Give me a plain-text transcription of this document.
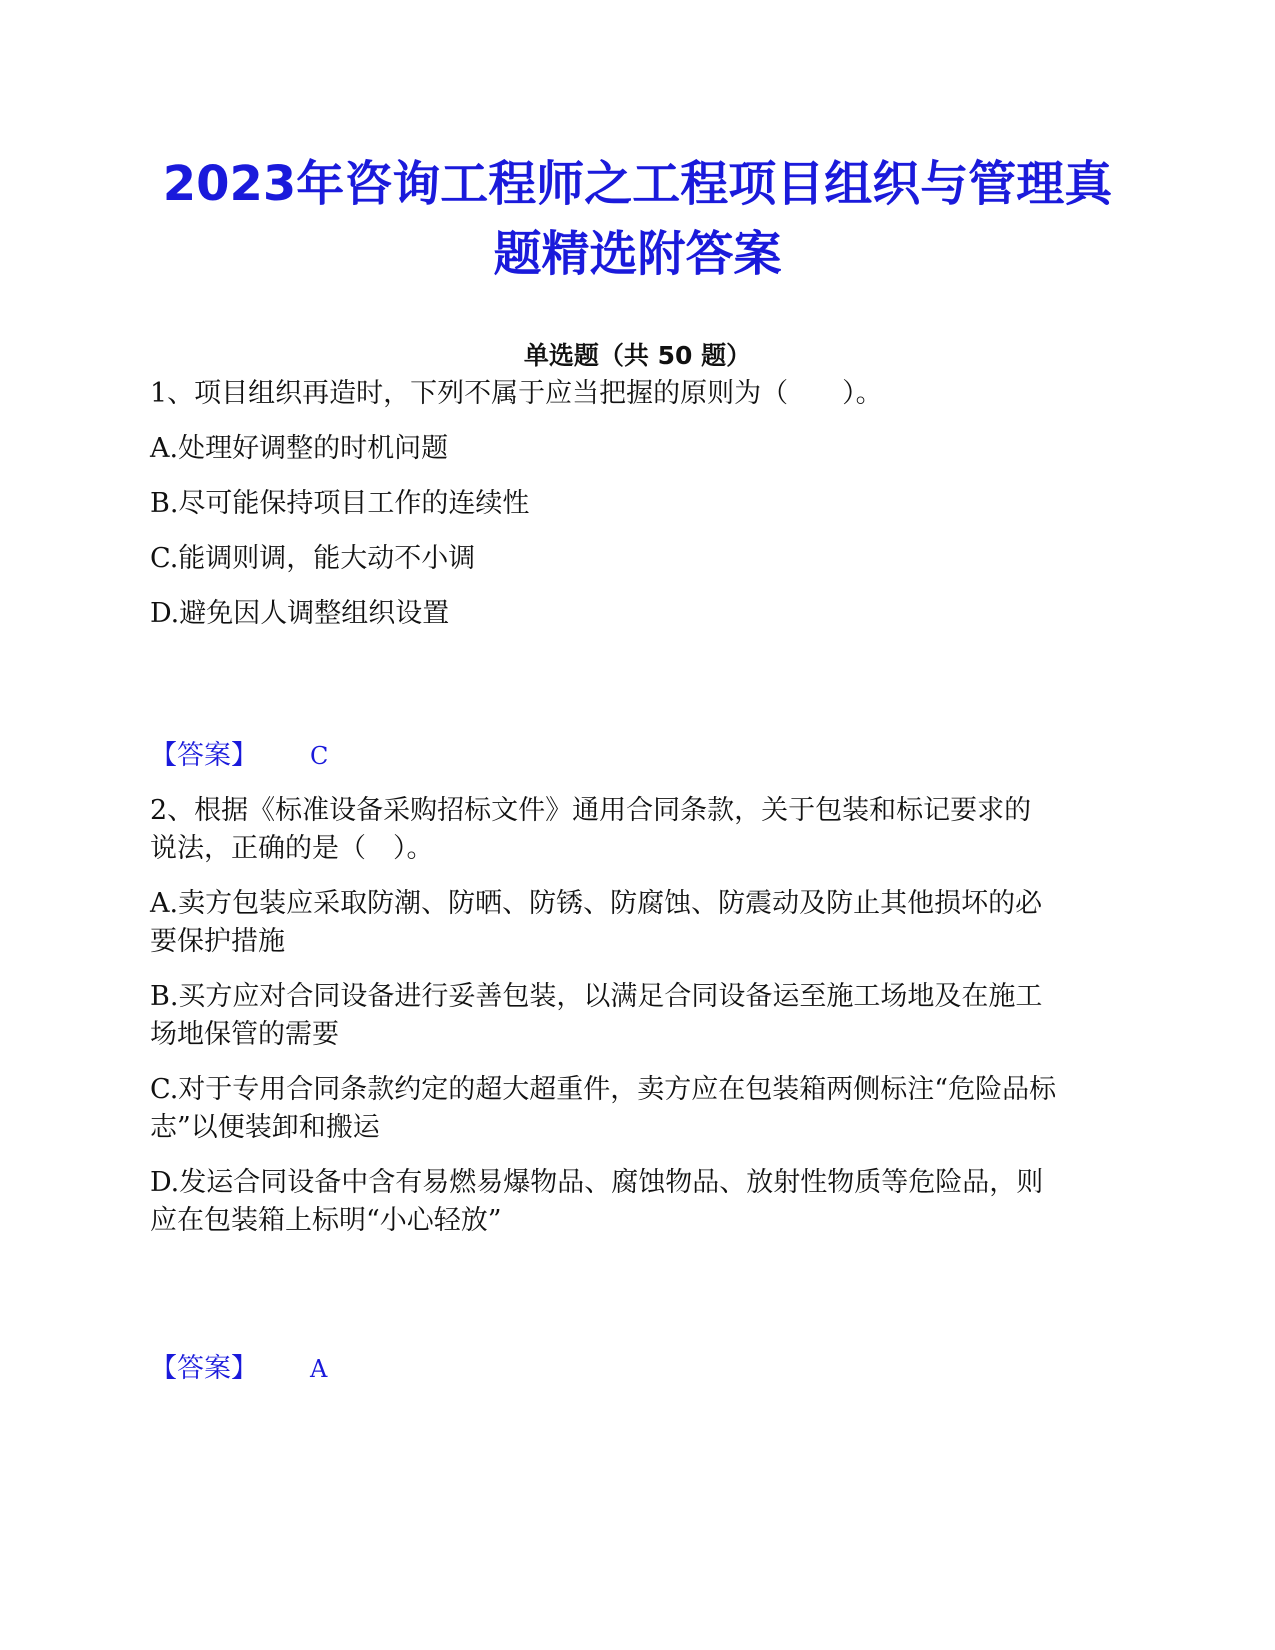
2023年咨询工程师之工程项目组织与管理真
题精选附答案
单选题（共 50 题）
1、项目组织再造时，下列不属于应当把握的原则为（　　）。
A.处理好调整的时机问题
B.尽可能保持项目工作的连续性
C.能调则调，能大动不小调
D.避免因人调整组织设置
【答案】 C
2、根据《标准设备采购招标文件》通用合同条款，关于包装和标记要求的
说法，正确的是（　）。
A.卖方包装应采取防潮、防晒、防锈、防腐蚀、防震动及防止其他损坏的必
要保护措施
B.买方应对合同设备进行妥善包装，以满足合同设备运至施工场地及在施工
场地保管的需要
C.对于专用合同条款约定的超大超重件，卖方应在包装箱两侧标注“危险品标
志”以便装卸和搬运
D.发运合同设备中含有易燃易爆物品、腐蚀物品、放射性物质等危险品，则
应在包装箱上标明“小心轻放”
【答案】 A
